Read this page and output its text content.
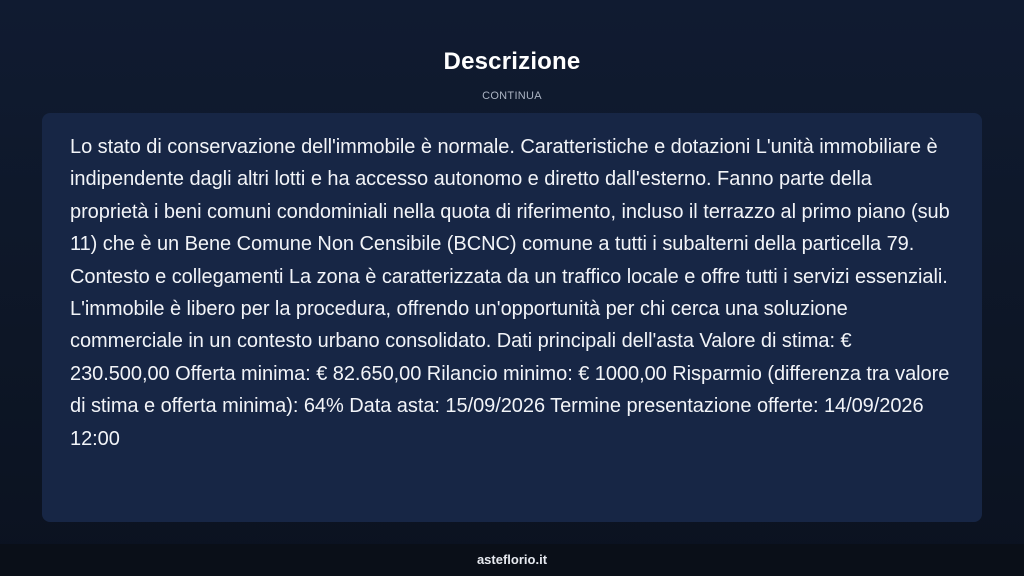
Descrizione
CONTINUA

Lo stato di conservazione dell'immobile è normale. Caratteristiche e dotazioni L'unità immobiliare è indipendente dagli altri lotti e ha accesso autonomo e diretto dall'esterno. Fanno parte della proprietà i beni comuni condominiali nella quota di riferimento, incluso il terrazzo al primo piano (sub 11) che è un Bene Comune Non Censibile (BCNC) comune a tutti i subalterni della particella 79. Contesto e collegamenti La zona è caratterizzata da un traffico locale e offre tutti i servizi essenziali. L'immobile è libero per la procedura, offrendo un'opportunità per chi cerca una soluzione commerciale in un contesto urbano consolidato. Dati principali dell'asta Valore di stima: € 230.500,00 Offerta minima: € 82.650,00 Rilancio minimo: € 1000,00 Risparmio (differenza tra valore di stima e offerta minima): 64% Data asta: 15/09/2026 Termine presentazione offerte: 14/09/2026 12:00

asteflorio.it
